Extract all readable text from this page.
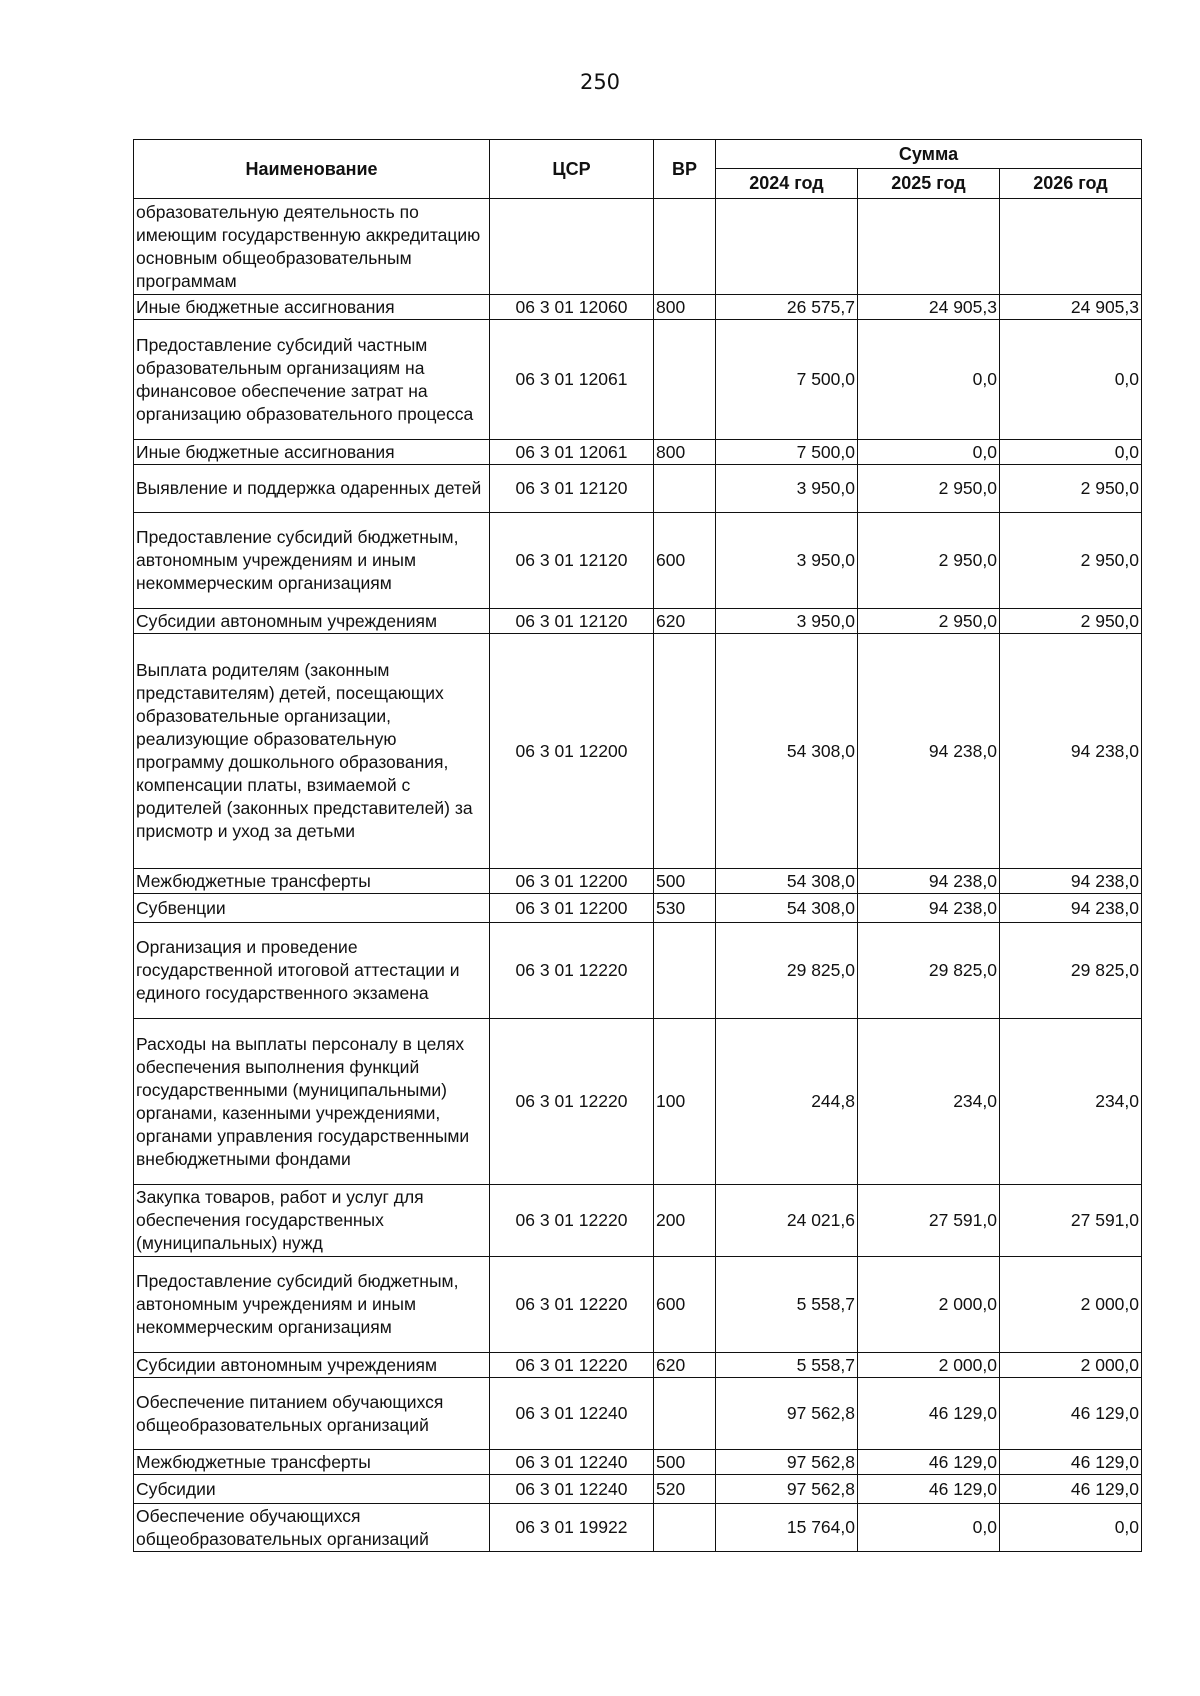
250
Наименование	ЦСР	ВР	Сумма		
			2024 год	2025 год	2026 год
образовательную деятельность по имеющим государственную аккредитацию основным общеобразовательным программам					
Иные бюджетные ассигнования	06 3 01 12060	800	26 575,7	24 905,3	24 905,3
Предоставление субсидий частным образовательным организациям на финансовое обеспечение затрат на организацию образовательного процесса	06 3 01 12061		7 500,0	0,0	0,0
Иные бюджетные ассигнования	06 3 01 12061	800	7 500,0	0,0	0,0
Выявление и поддержка одаренных детей	06 3 01 12120		3 950,0	2 950,0	2 950,0
Предоставление субсидий бюджетным, автономным учреждениям и иным некоммерческим организациям	06 3 01 12120	600	3 950,0	2 950,0	2 950,0
Субсидии автономным учреждениям	06 3 01 12120	620	3 950,0	2 950,0	2 950,0
Выплата родителям (законным представителям) детей, посещающих образовательные организации, реализующие образовательную программу дошкольного образования, компенсации платы, взимаемой с родителей (законных представителей) за присмотр и уход за детьми	06 3 01 12200		54 308,0	94 238,0	94 238,0
Межбюджетные трансферты	06 3 01 12200	500	54 308,0	94 238,0	94 238,0
Субвенции	06 3 01 12200	530	54 308,0	94 238,0	94 238,0
Организация и проведение государственной итоговой аттестации и единого государственного экзамена	06 3 01 12220		29 825,0	29 825,0	29 825,0
Расходы на выплаты персоналу в целях обеспечения выполнения функций государственными (муниципальными) органами, казенными учреждениями, органами управления государственными внебюджетными фондами	06 3 01 12220	100	244,8	234,0	234,0
Закупка товаров, работ и услуг для обеспечения государственных (муниципальных) нужд	06 3 01 12220	200	24 021,6	27 591,0	27 591,0
Предоставление субсидий бюджетным, автономным учреждениям и иным некоммерческим организациям	06 3 01 12220	600	5 558,7	2 000,0	2 000,0
Субсидии автономным учреждениям	06 3 01 12220	620	5 558,7	2 000,0	2 000,0
Обеспечение питанием обучающихся общеобразовательных организаций	06 3 01 12240		97 562,8	46 129,0	46 129,0
Межбюджетные трансферты	06 3 01 12240	500	97 562,8	46 129,0	46 129,0
Субсидии	06 3 01 12240	520	97 562,8	46 129,0	46 129,0
Обеспечение обучающихся общеобразовательных организаций	06 3 01 19922		15 764,0	0,0	0,0
